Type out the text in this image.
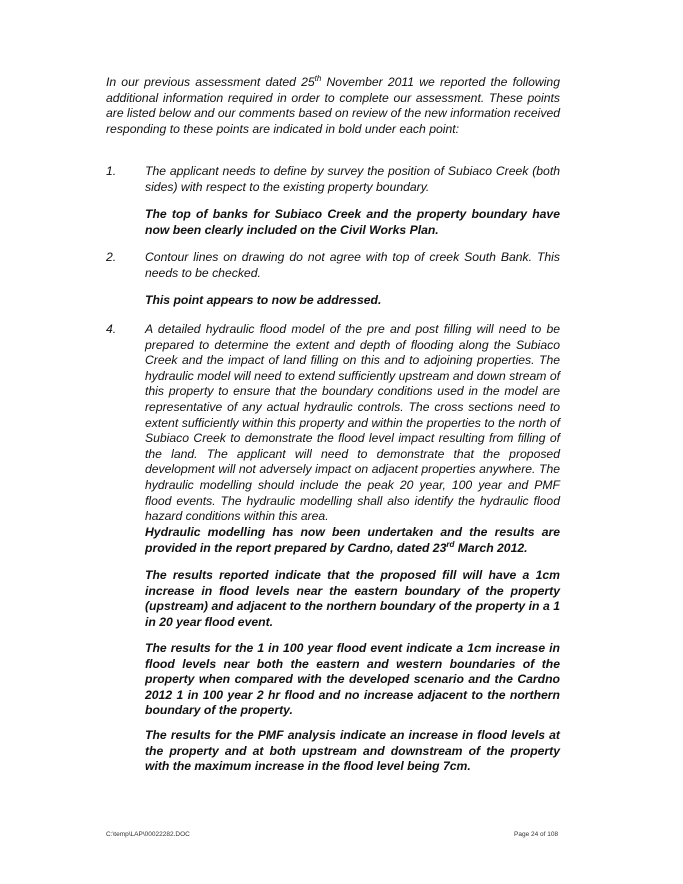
In our previous assessment dated 25th November 2011 we reported the following additional information required in order to complete our assessment. These points are listed below and our comments based on review of the new information received responding to these points are indicated in bold under each point:

1. The applicant needs to define by survey the position of Subiaco Creek (both sides) with respect to the existing property boundary.

The top of banks for Subiaco Creek and the property boundary have now been clearly included on the Civil Works Plan.

2. Contour lines on drawing do not agree with top of creek South Bank. This needs to be checked.

This point appears to now be addressed.

4. A detailed hydraulic flood model of the pre and post filling will need to be prepared to determine the extent and depth of flooding along the Subiaco Creek and the impact of land filling on this and to adjoining properties. The hydraulic model will need to extend sufficiently upstream and down stream of this property to ensure that the boundary conditions used in the model are representative of any actual hydraulic controls. The cross sections need to extent sufficiently within this property and within the properties to the north of Subiaco Creek to demonstrate the flood level impact resulting from filling of the land. The applicant will need to demonstrate that the proposed development will not adversely impact on adjacent properties anywhere. The hydraulic modelling should include the peak 20 year, 100 year and PMF flood events. The hydraulic modelling shall also identify the hydraulic flood hazard conditions within this area.

Hydraulic modelling has now been undertaken and the results are provided in the report prepared by Cardno, dated 23rd March 2012.

The results reported indicate that the proposed fill will have a 1cm increase in flood levels near the eastern boundary of the property (upstream) and adjacent to the northern boundary of the property in a 1 in 20 year flood event.

The results for the 1 in 100 year flood event indicate a 1cm increase in flood levels near both the eastern and western boundaries of the property when compared with the developed scenario and the Cardno 2012 1 in 100 year 2 hr flood and no increase adjacent to the northern boundary of the property.

The results for the PMF analysis indicate an increase in flood levels at the property and at both upstream and downstream of the property with the maximum increase in the flood level being 7cm.

C:\temp\LAP\00022282.DOC	Page 24 of 108
